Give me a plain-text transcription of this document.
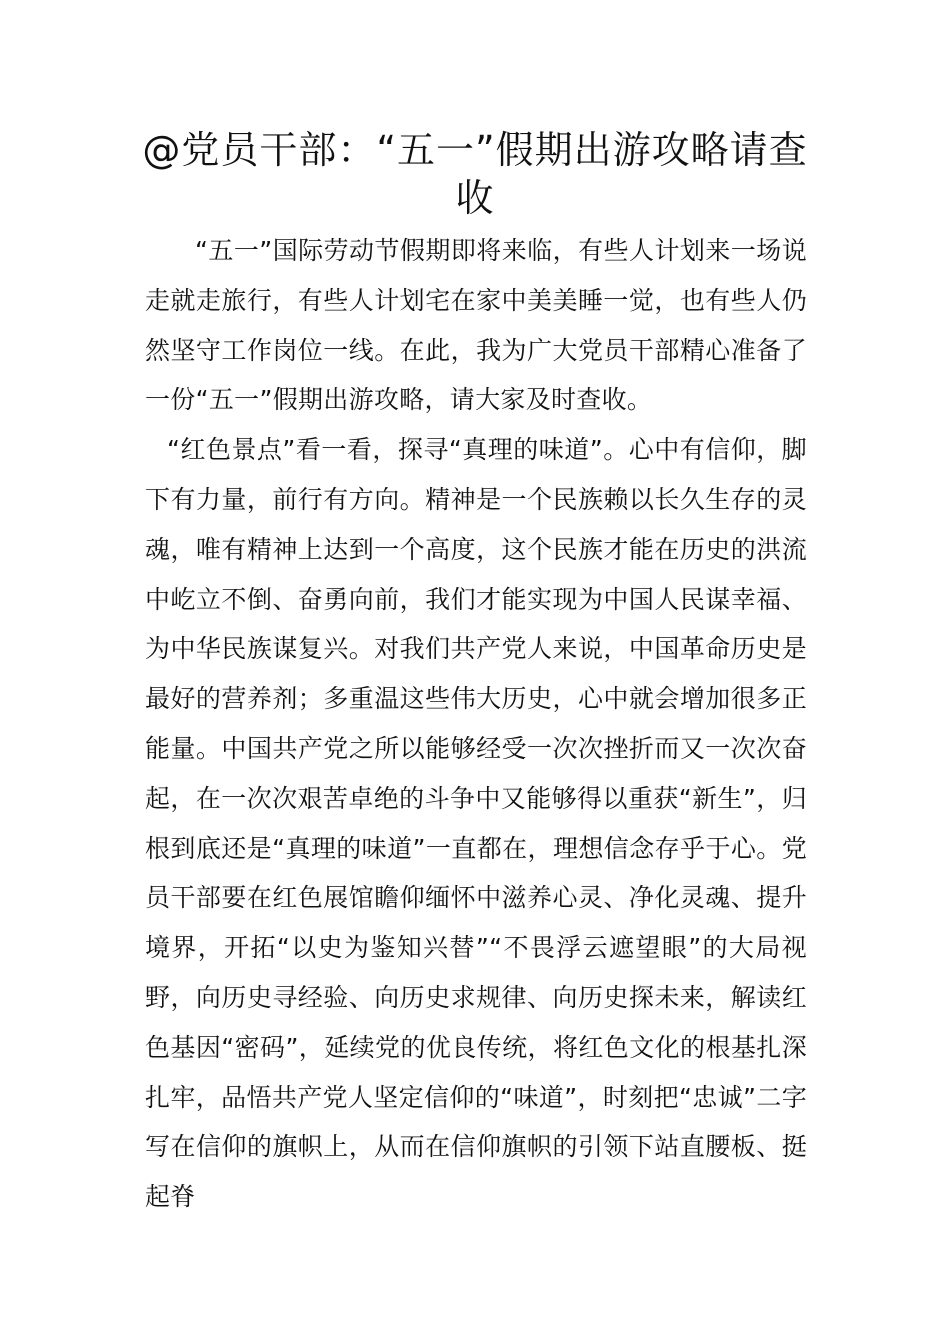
@党员干部：“五一”假期出游攻略请查收

“五一”国际劳动节假期即将来临，有些人计划来一场说走就走旅行，有些人计划宅在家中美美睡一觉，也有些人仍然坚守工作岗位一线。在此，我为广大党员干部精心准备了一份“五一”假期出游攻略，请大家及时查收。

“红色景点”看一看，探寻“真理的味道”。心中有信仰，脚下有力量，前行有方向。精神是一个民族赖以长久生存的灵魂，唯有精神上达到一个高度，这个民族才能在历史的洪流中屹立不倒、奋勇向前，我们才能实现为中国人民谋幸福、为中华民族谋复兴。对我们共产党人来说，中国革命历史是最好的营养剂；多重温这些伟大历史，心中就会增加很多正能量。中国共产党之所以能够经受一次次挫折而又一次次奋起，在一次次艰苦卓绝的斗争中又能够得以重获“新生”，归根到底还是“真理的味道”一直都在，理想信念存乎于心。党员干部要在红色展馆瞻仰缅怀中滋养心灵、净化灵魂、提升境界，开拓“以史为鉴知兴替”“不畏浮云遮望眼”的大局视野，向历史寻经验、向历史求规律、向历史探未来，解读红色基因“密码”，延续党的优良传统，将红色文化的根基扎深扎牢，品悟共产党人坚定信仰的“味道”，时刻把“忠诚”二字写在信仰的旗帜上，从而在信仰旗帜的引领下站直腰板、挺起脊
